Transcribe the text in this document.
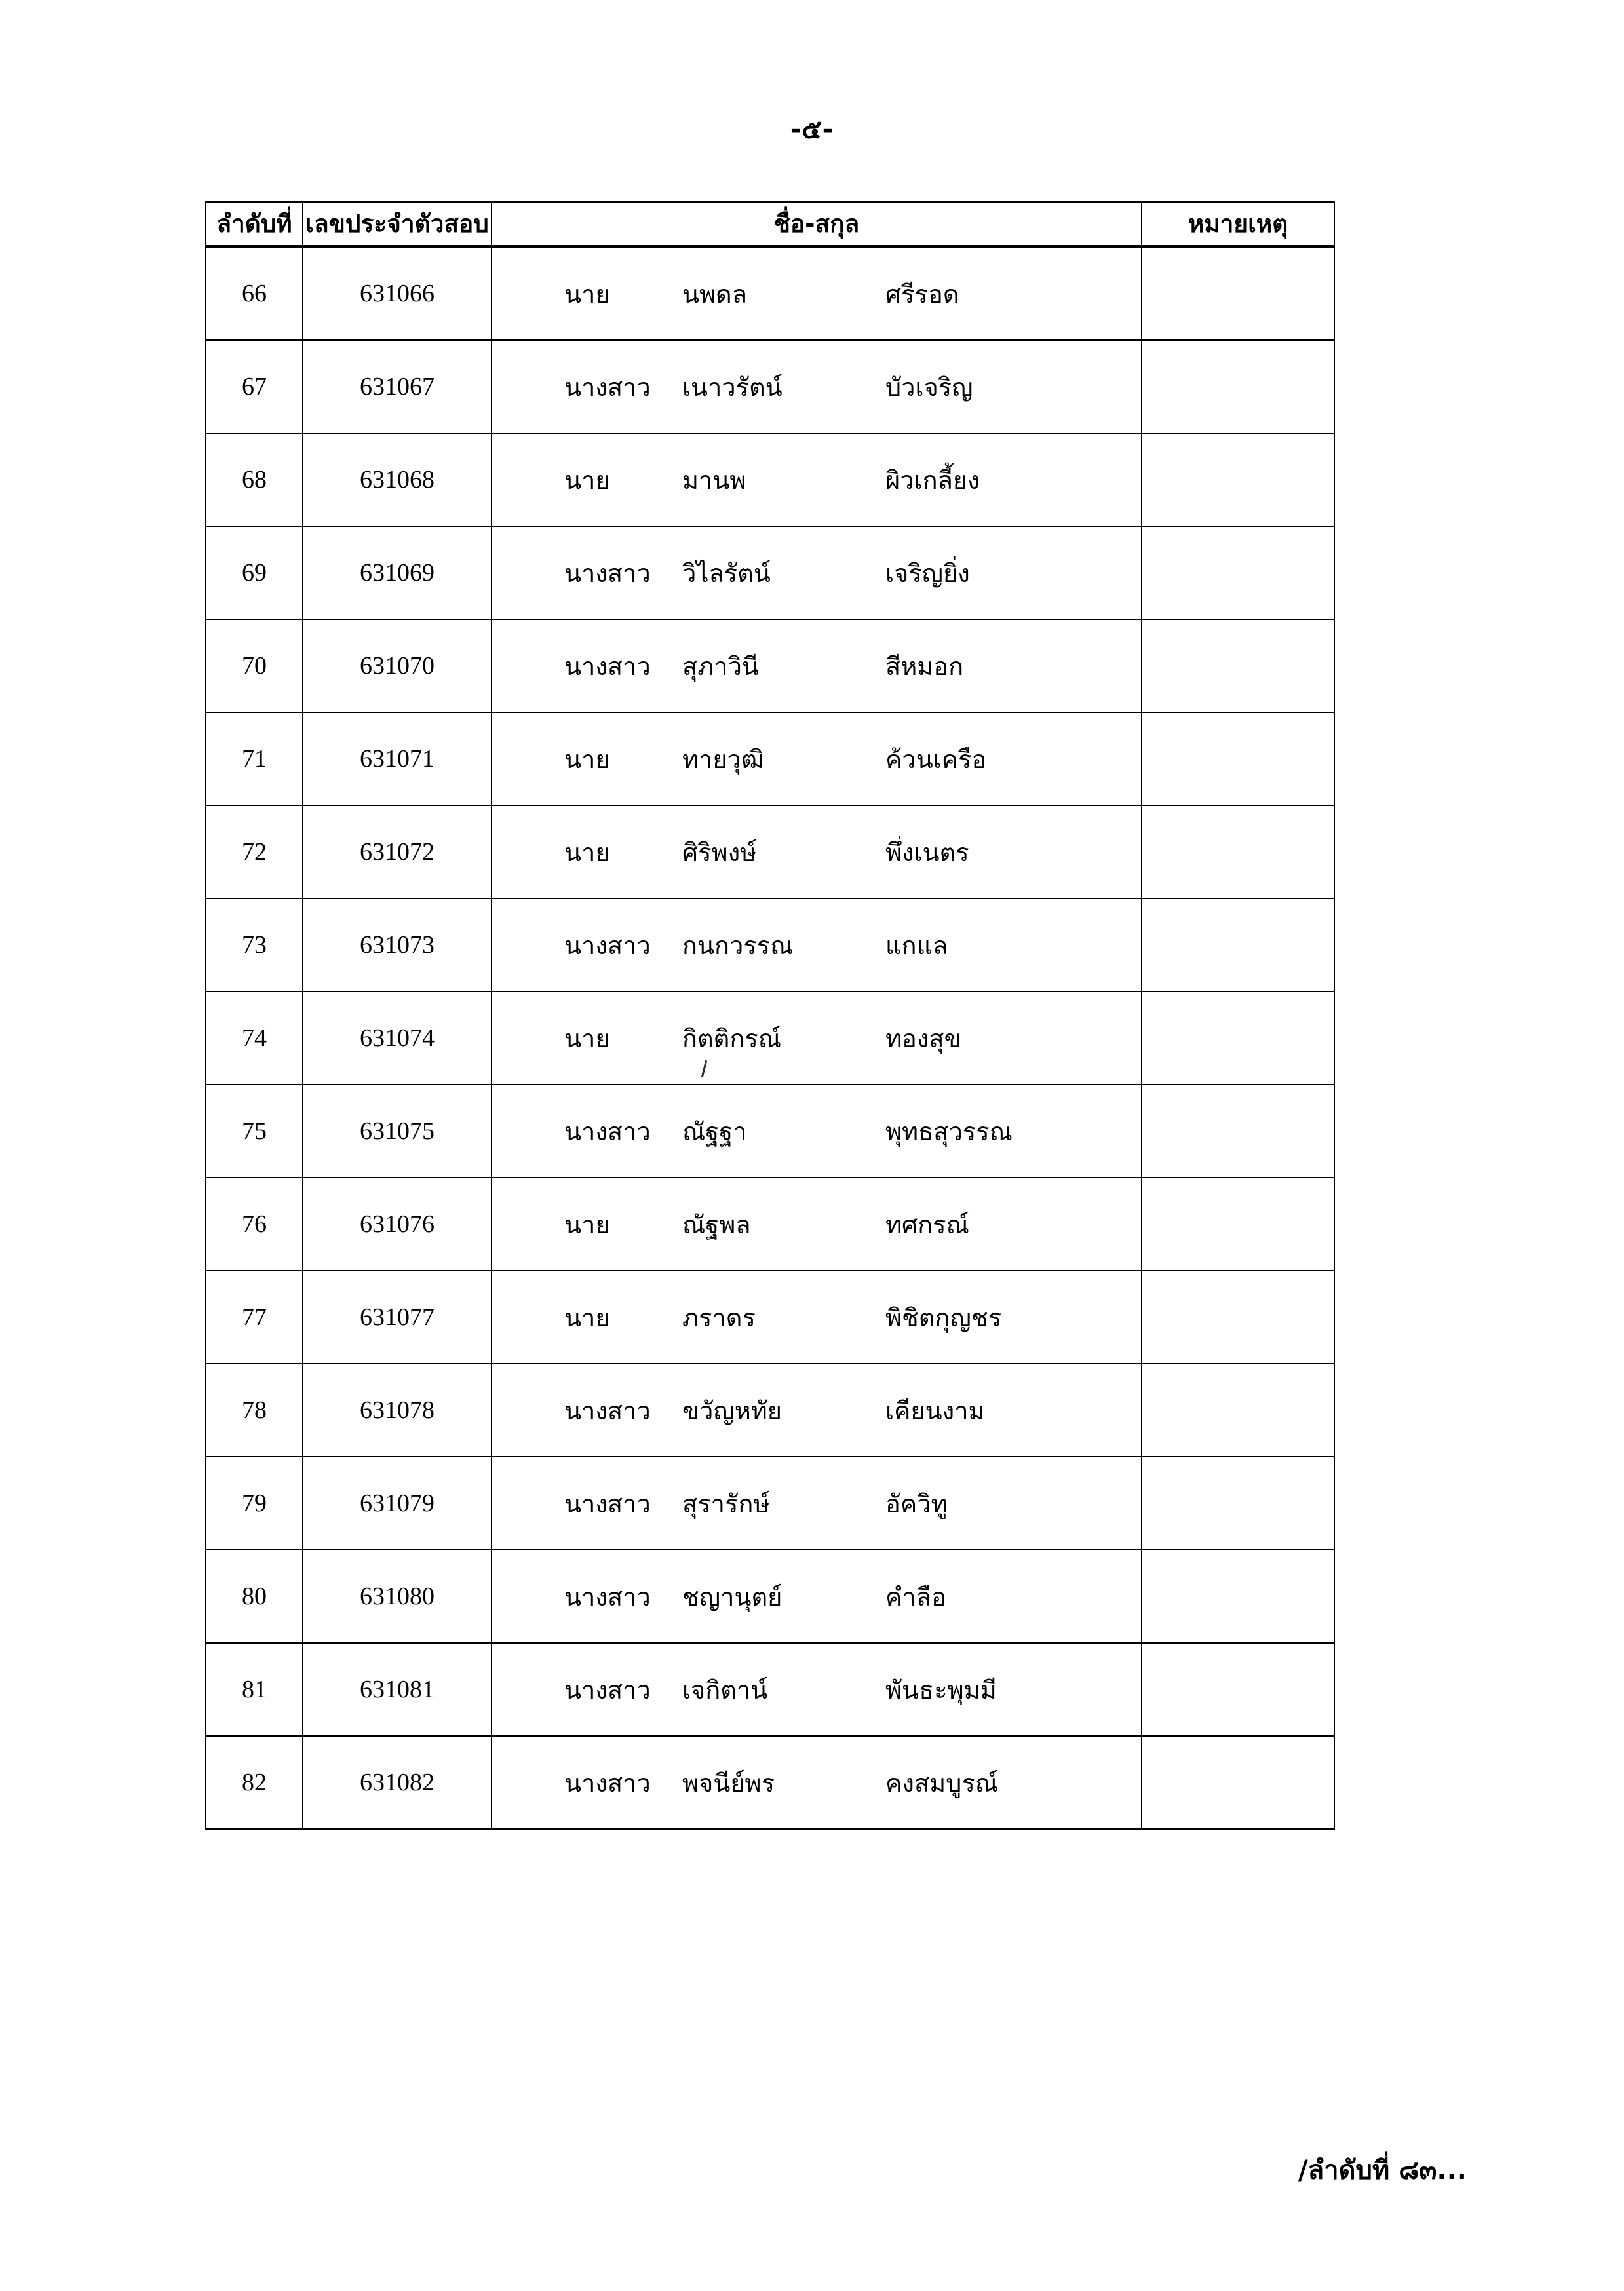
-๕-
ลำดับที่	เลขประจำตัวสอบ	ชื่อ-สกุล	หมายเหตุ
66	631066	นาย นพดล ศรีรอด	

67	631067	นางสาว เนาวรัตน์ บัวเจริญ	

68	631068	นาย มานพ ผิวเกลี้ยง	

69	631069	นางสาว วิไลรัตน์ เจริญยิ่ง	

70	631070	นางสาว สุภาวินี สีหมอก	

71	631071	นาย ทายวุฒิ ค้วนเครือ	

72	631072	นาย ศิริพงษ์ พึ่งเนตร	

73	631073	นางสาว กนกวรรณ แกแล	

74	631074	นาย กิตติกรณ์ ทองสุข	

75	631075	นางสาว ณัฐฐา พุทธสุวรรณ	

76	631076	นาย ณัฐพล ทศกรณ์	

77	631077	นาย ภราดร พิชิตกุญชร	

78	631078	นางสาว ขวัญหทัย เคียนงาม	

79	631079	นางสาว สุรารักษ์ อัควิทู	

80	631080	นางสาว ชญานุตย์ คำลือ	

81	631081	นางสาว เจกิตาน์ พันธะพุมมี	

82	631082	นางสาว พจนีย์พร คงสมบูรณ์	

/ลำดับที่ ๘๓...
